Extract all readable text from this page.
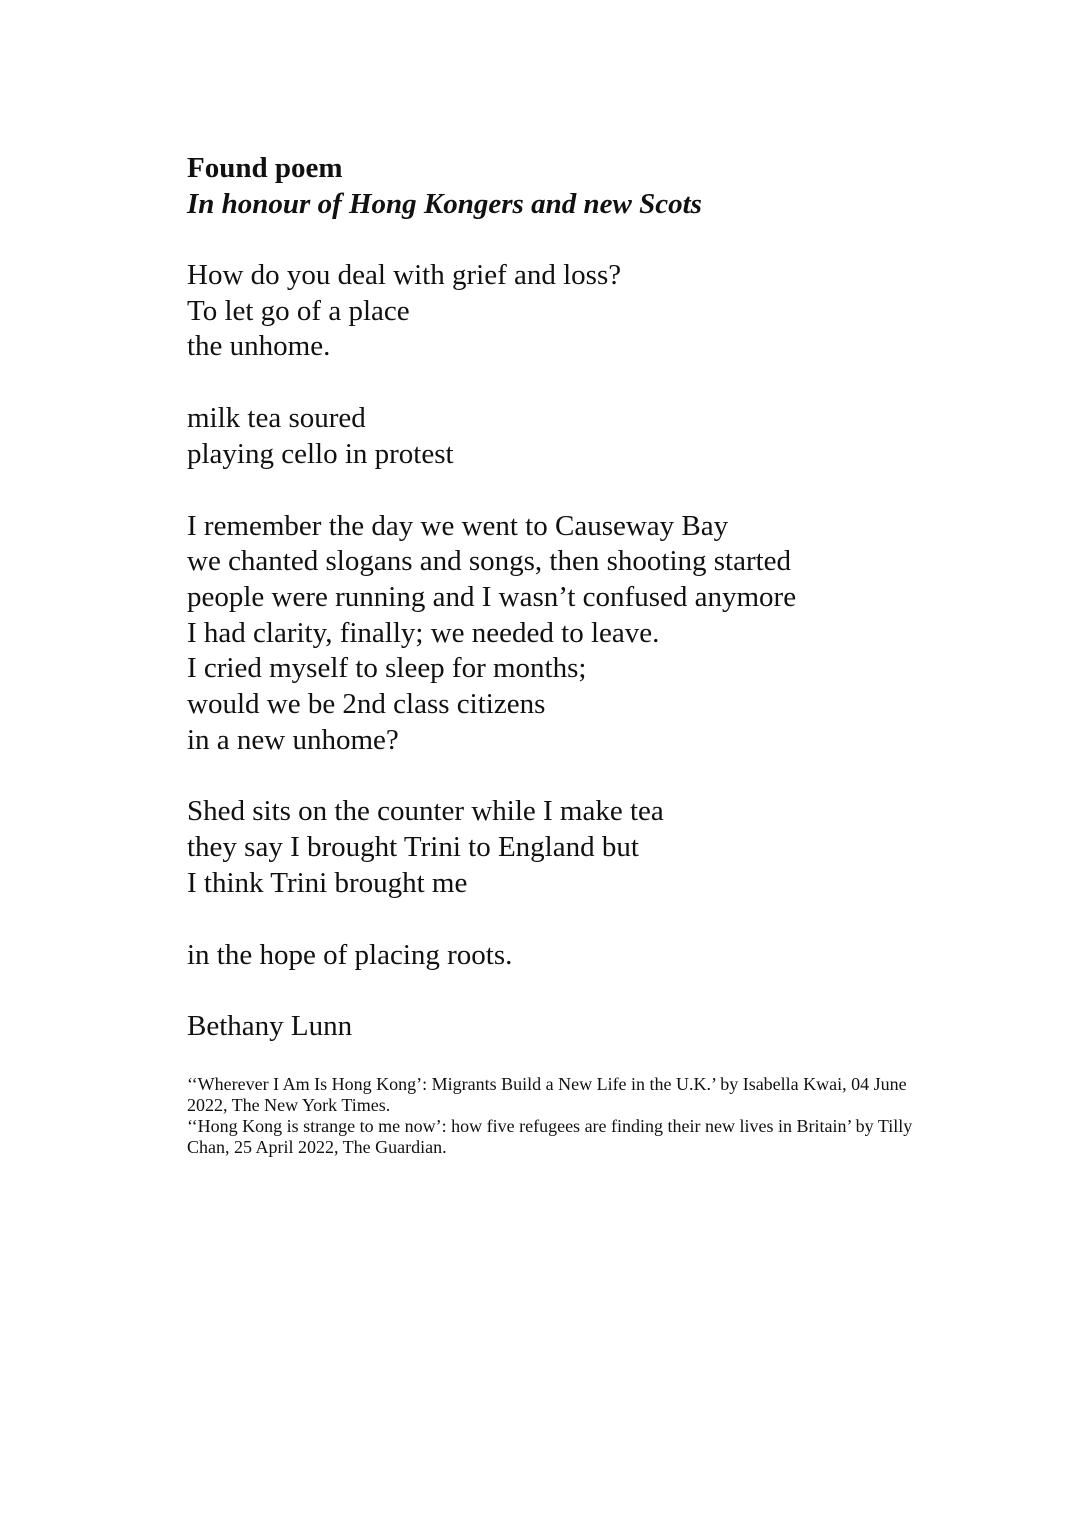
Found poem
In honour of Hong Kongers and new Scots
How do you deal with grief and loss?
To let go of a place
the unhome.
milk tea soured
playing cello in protest
I remember the day we went to Causeway Bay
we chanted slogans and songs, then shooting started
people were running and I wasn’t confused anymore
I had clarity, finally; we needed to leave.
I cried myself to sleep for months;
would we be 2nd class citizens
in a new unhome?
Shed sits on the counter while I make tea
they say I brought Trini to England but
I think Trini brought me
in the hope of placing roots.
Bethany Lunn
‘‘Wherever I Am Is Hong Kong’: Migrants Build a New Life in the U.K.’ by Isabella Kwai, 04 June 2022, The New York Times.
‘‘Hong Kong is strange to me now’: how five refugees are finding their new lives in Britain’ by Tilly Chan, 25 April 2022, The Guardian.
